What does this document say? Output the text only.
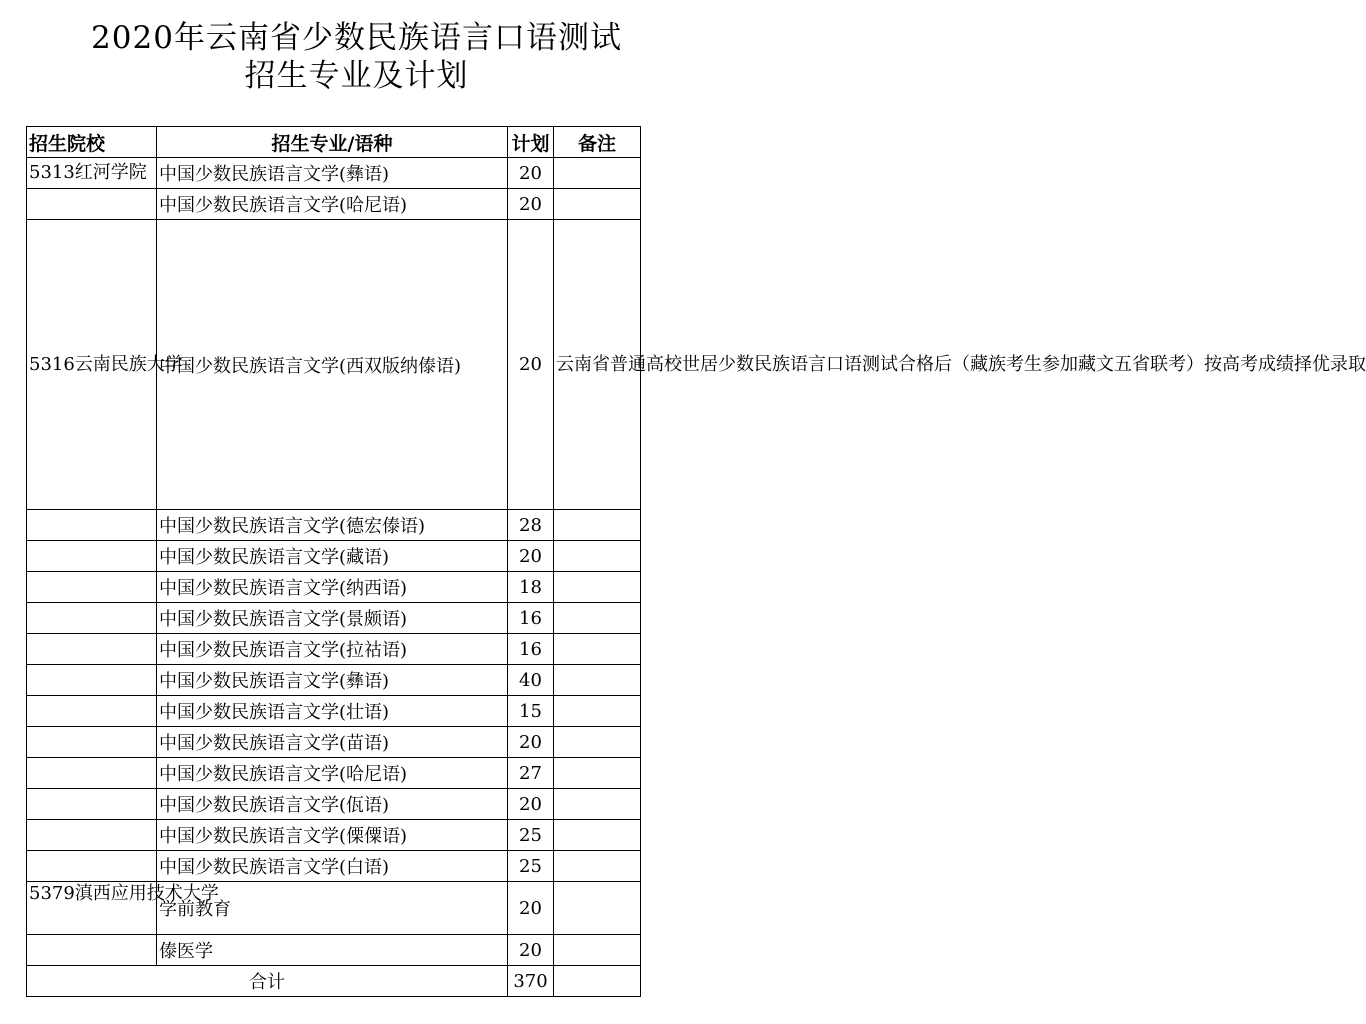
2020年云南省少数民族语言口语测试
招生专业及计划
招生院校	招生专业/语种	计划	备注
5313红河学院	中国少数民族语言文学(彝语)	20	
	中国少数民族语言文学(哈尼语)	20	
5316云南民族大学	中国少数民族语言文学(西双版纳傣语)	20	云南省普通高校世居少数民族语言口语测试合格后（藏族考生参加藏文五省联考）按高考成绩择优录取
	中国少数民族语言文学(德宏傣语)	28	
	中国少数民族语言文学(藏语)	20	
	中国少数民族语言文学(纳西语)	18	
	中国少数民族语言文学(景颇语)	16	
	中国少数民族语言文学(拉祜语)	16	
	中国少数民族语言文学(彝语)	40	
	中国少数民族语言文学(壮语)	15	
	中国少数民族语言文学(苗语)	20	
	中国少数民族语言文学(哈尼语)	27	
	中国少数民族语言文学(佤语)	20	
	中国少数民族语言文学(傈僳语)	25	
	中国少数民族语言文学(白语)	25	
5379滇西应用技术大学	学前教育	20	
	傣医学	20	
合计		370	
